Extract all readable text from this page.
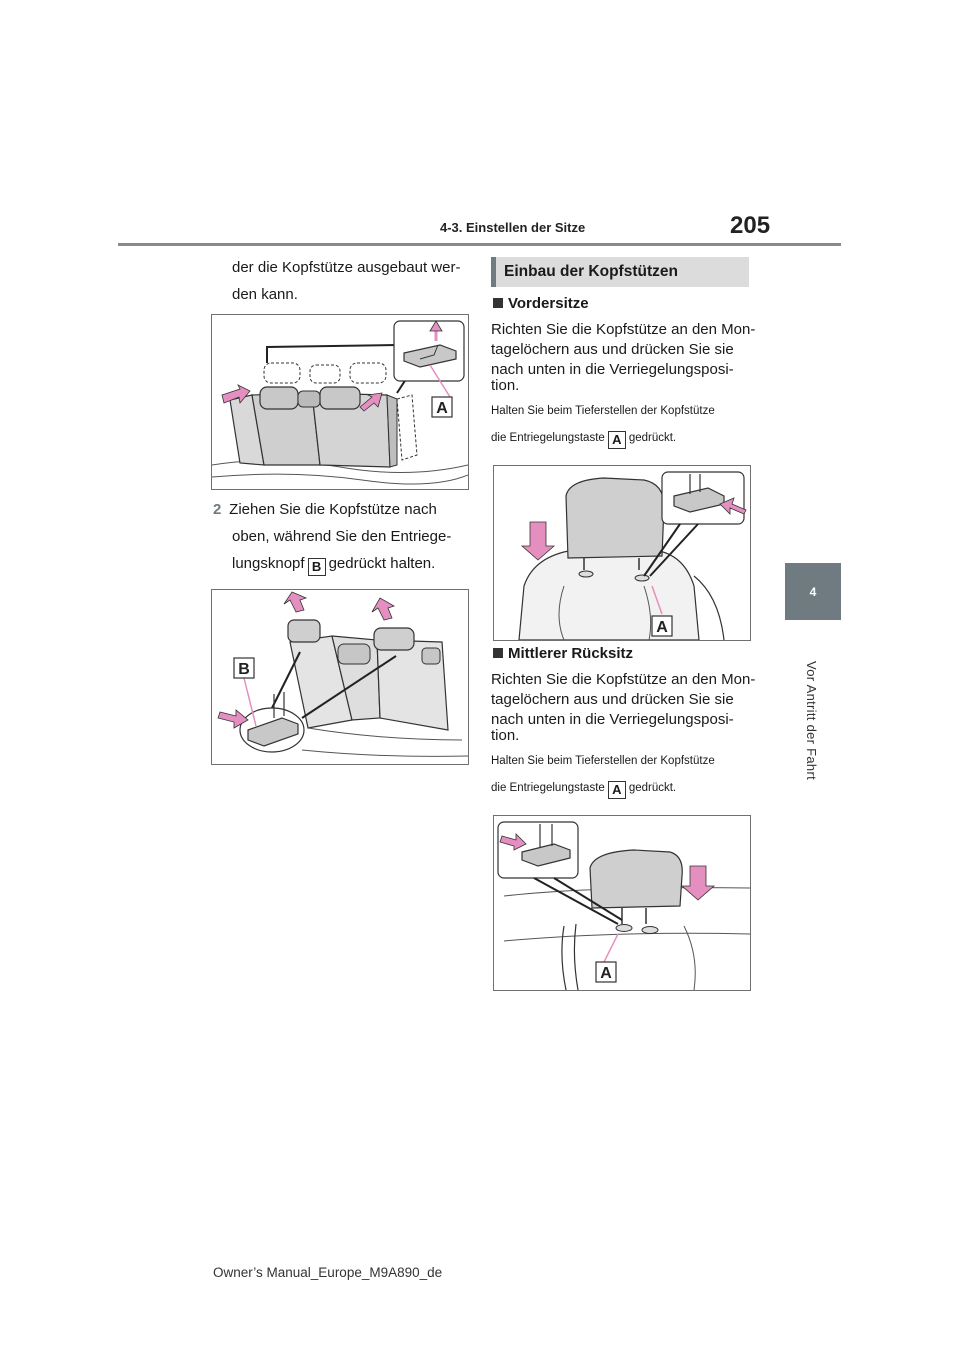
4-3. Einstellen der Sitze	205
4
Vor Antritt der Fahrt
der die Kopfstütze ausgebaut wer-
den kann.
A
2 Ziehen Sie die Kopfstütze nach
oben, während Sie den Entriege-
lungsknopf B gedrückt halten.
B
Einbau der Kopfstützen
Vordersitze
Richten Sie die Kopfstütze an den Mon-
tagelöchern aus und drücken Sie sie
nach unten in die Verriegelungsposi-
tion.
Halten Sie beim Tieferstellen der Kopfstütze
die Entriegelungstaste A gedrückt.
A
Mittlerer Rücksitz
Richten Sie die Kopfstütze an den Mon-
tagelöchern aus und drücken Sie sie
nach unten in die Verriegelungsposi-
tion.
Halten Sie beim Tieferstellen der Kopfstütze
die Entriegelungstaste A gedrückt.
A
Owner’s Manual_Europe_M9A890_de
